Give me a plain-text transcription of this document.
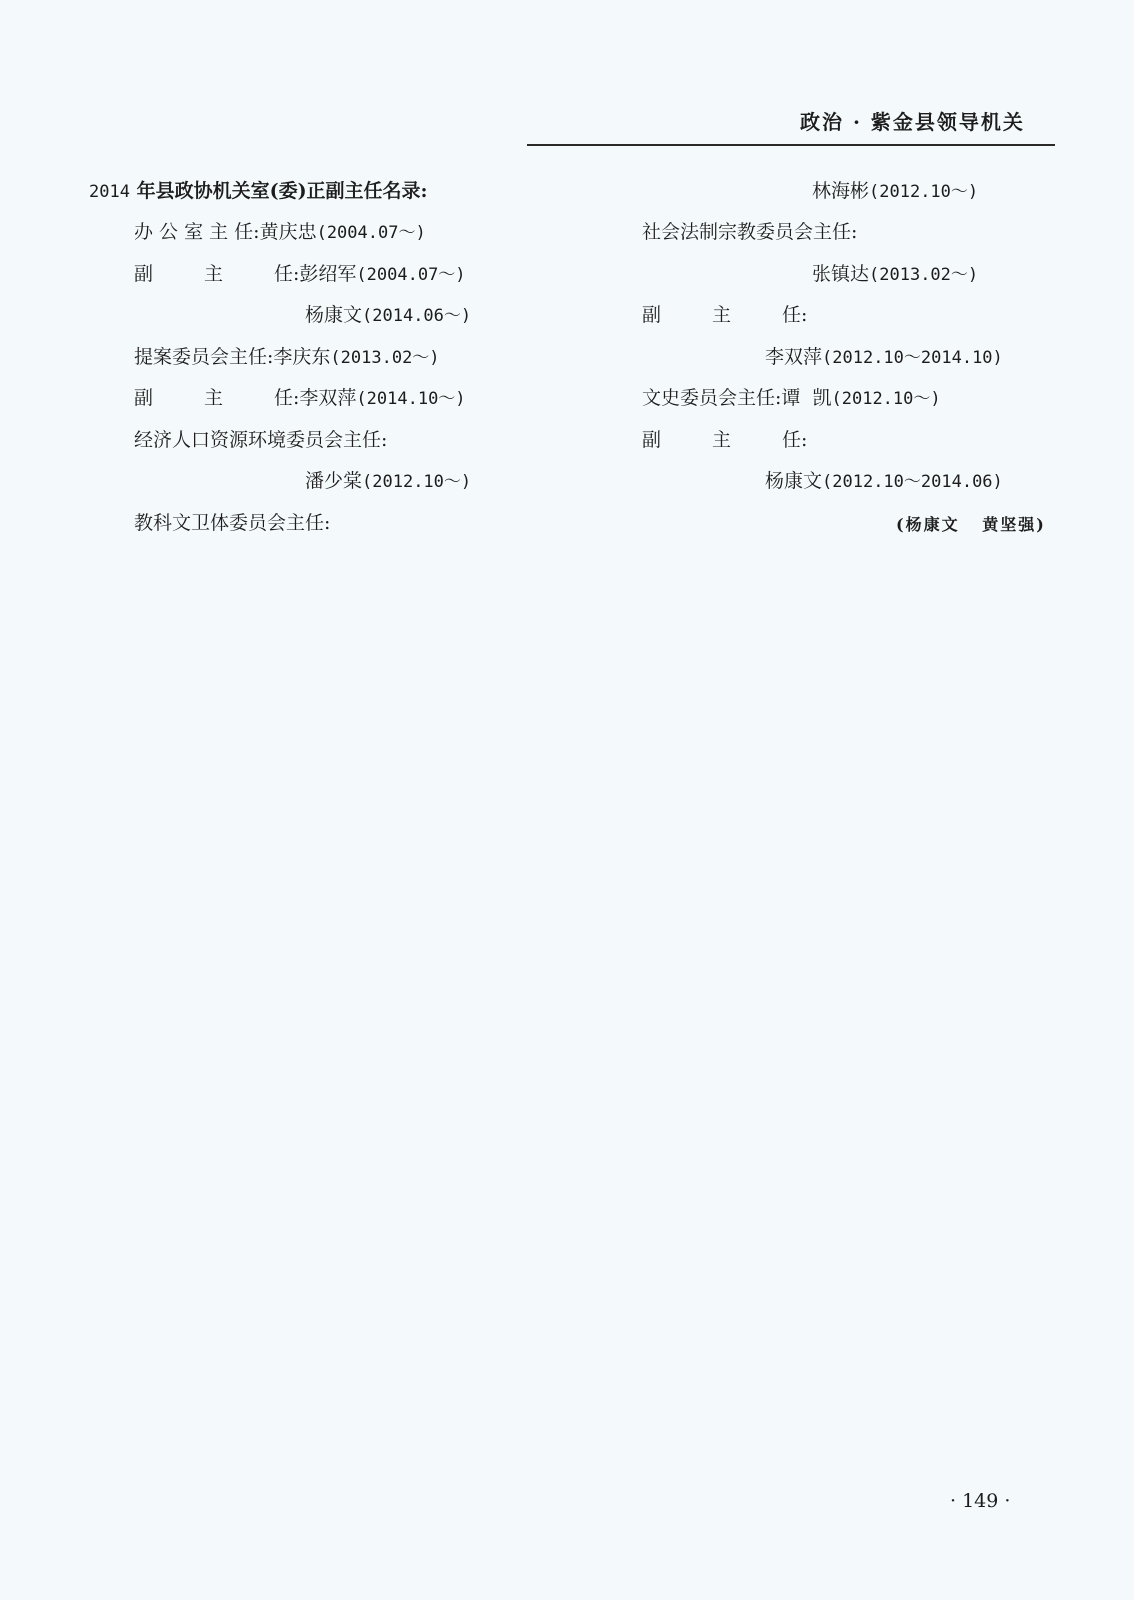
政治 · 紫金县领导机关
2014 年县政协机关室(委)正副主任名录:
办 公 室 主 任:黄庆忠(2004.07～)
副	主	任:彭绍军(2004.07～)
杨康文(2014.06～)
提案委员会主任:李庆东(2013.02～)
副	主	任:李双萍(2014.10～)
经济人口资源环境委员会主任:
潘少棠(2012.10～)
教科文卫体委员会主任:
林海彬(2012.10～)
社会法制宗教委员会主任:
张镇达(2013.02～)
副	主	任:
李双萍(2012.10～2014.10)
文史委员会主任:谭  凯(2012.10～)
副	主	任:
杨康文(2012.10～2014.06)
(杨康文   黄坚强)
· 149 ·
